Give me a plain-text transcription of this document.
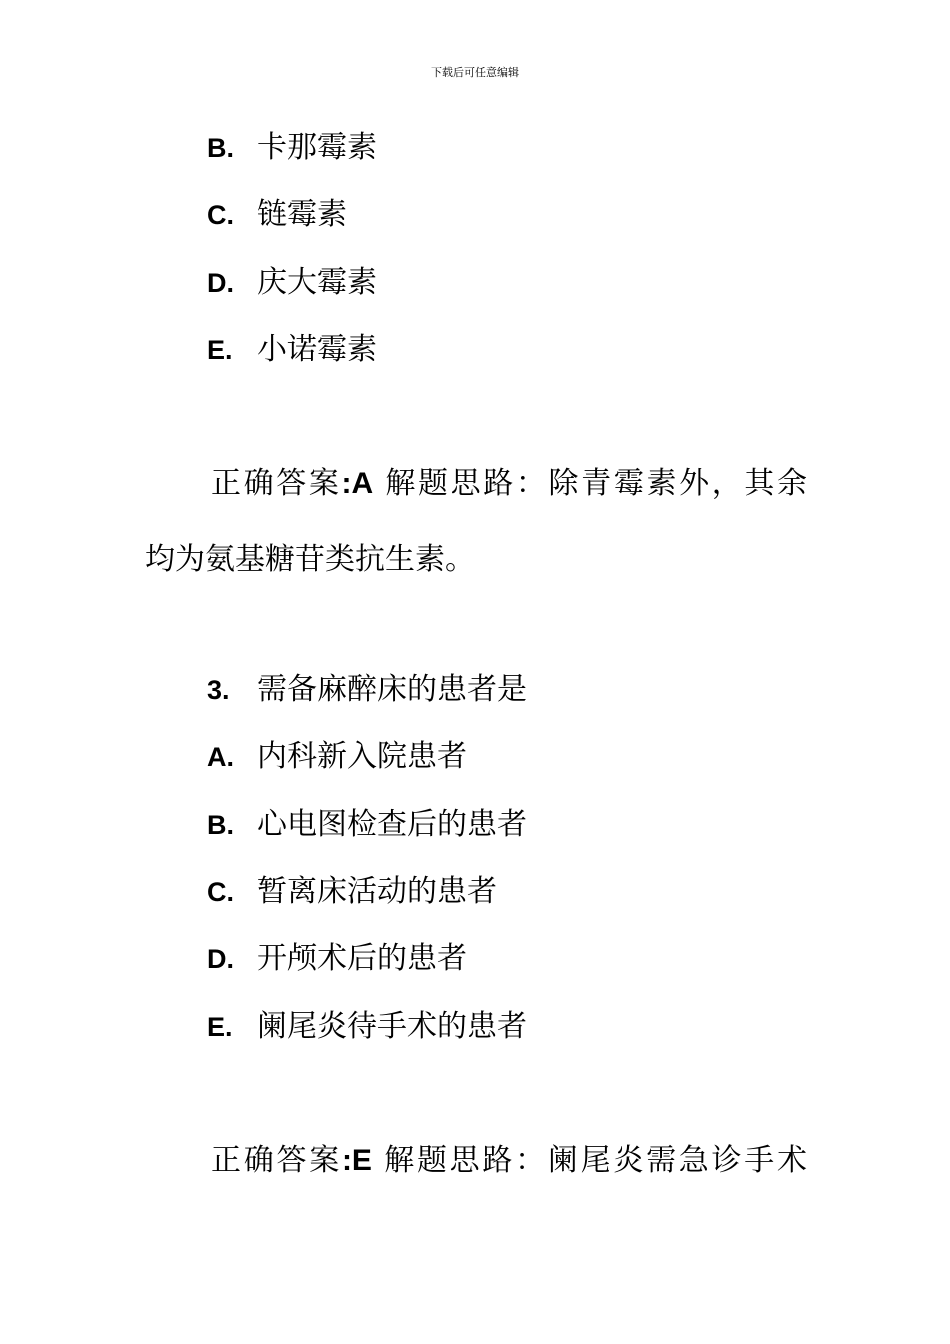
下载后可任意编辑
B. 卡那霉素
C. 链霉素
D. 庆大霉素
E. 小诺霉素
正确答案:A 解题思路：除青霉素外，其余
均为氨基糖苷类抗生素。
3. 需备麻醉床的患者是
A. 内科新入院患者
B. 心电图检查后的患者
C. 暂离床活动的患者
D. 开颅术后的患者
E. 阑尾炎待手术的患者
正确答案:E 解题思路：阑尾炎需急诊手术
